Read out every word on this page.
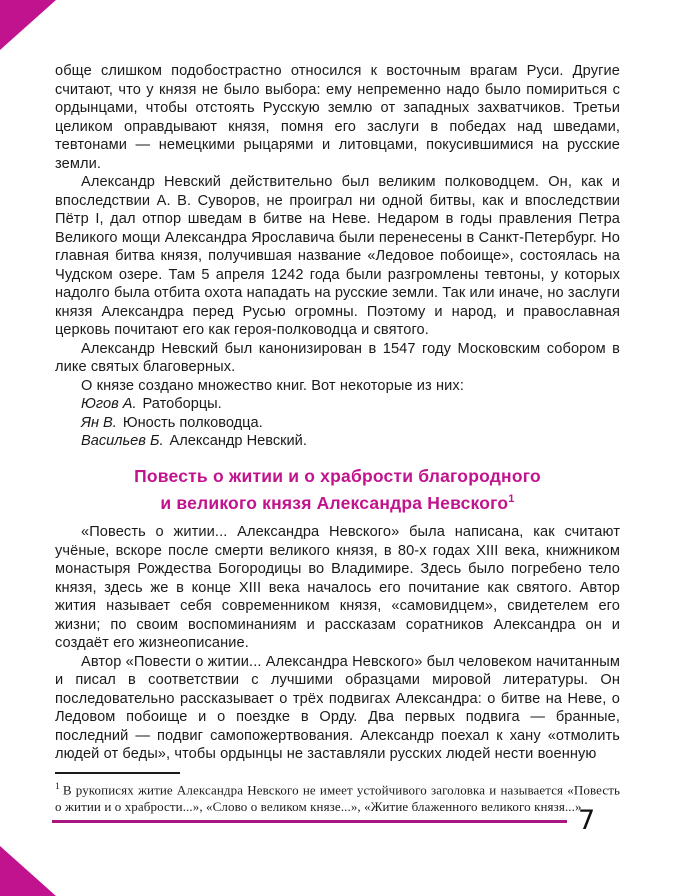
обще слишком подобострастно относился к восточным врагам Руси. Другие считают, что у князя не было выбора: ему непременно надо было помириться с ордынцами, чтобы отстоять Русскую землю от западных захватчиков. Третьи целиком оправдывают князя, помня его заслуги в победах над шведами, тевтонами — немецкими рыцарями и литовцами, покусившимися на русские земли.

Александр Невский действительно был великим полководцем. Он, как и впоследствии А. В. Суворов, не проиграл ни одной битвы, как и впоследствии Пётр I, дал отпор шведам в битве на Неве. Недаром в годы правления Петра Великого мощи Александра Ярославича были перенесены в Санкт-Петербург. Но главная битва князя, получившая название «Ледовое побоище», состоялась на Чудском озере. Там 5 апреля 1242 года были разгромлены тевтоны, у которых надолго была отбита охота нападать на русские земли. Так или иначе, но заслуги князя Александра перед Русью огромны. Поэтому и народ, и православная церковь почитают его как героя-полководца и святого.

Александр Невский был канонизирован в 1547 году Московским собором в лике святых благоверных.

О князе создано множество книг. Вот некоторые из них:

Югов А. Ратоборцы.
Ян В. Юность полководца.
Васильев Б. Александр Невский.
Повесть о житии и о храбрости благородного
и великого князя Александра Невского$^1$

«Повесть о житии... Александра Невского» была написана, как считают учёные, вскоре после смерти великого князя, в 80-х годах XIII века, книжником монастыря Рождества Богородицы во Владимире. Здесь было погребено тело князя, здесь же в конце XIII века началось его почитание как святого. Автор жития называет себя современником князя, «самовидцем», свидетелем его жизни; по своим воспоминаниям и рассказам соратников Александра он и создаёт его жизнеописание.

Автор «Повести о житии... Александра Невского» был человеком начитанным и писал в соответствии с лучшими образцами мировой литературы. Он последовательно рассказывает о трёх подвигах Александра: о битве на Неве, о Ледовом побоище и о поездке в Орду. Два первых подвига — бранные, последний — подвиг самопожертвования. Александр поехал к хану «отмолить людей от беды», чтобы ордынцы не заставляли русских людей нести военную

$^1$ В рукописях житие Александра Невского не имеет устойчивого заголовка и называется «Повесть о житии и о храбрости...», «Слово о великом князе...», «Житие блаженного великого князя...».

7
